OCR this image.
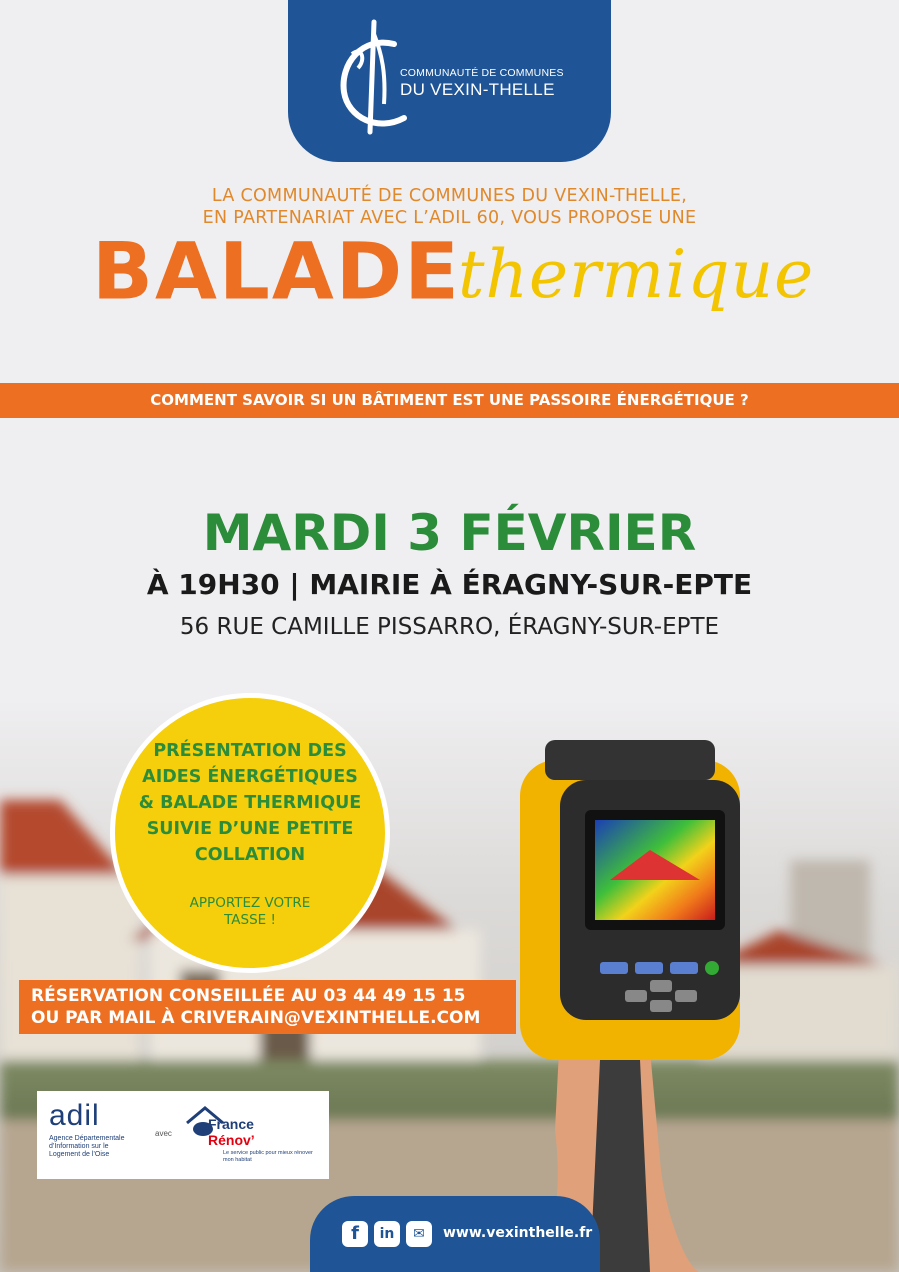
COMMUNAUTÉ DE COMMUNES
DU VEXIN-THELLE
LA COMMUNAUTÉ DE COMMUNES DU VEXIN-THELLE,
EN PARTENARIAT AVEC L’ADIL 60, VOUS PROPOSE UNE
BALADE
thermique
COMMENT SAVOIR SI UN BÂTIMENT EST UNE PASSOIRE ÉNERGÉTIQUE ?
MARDI 3 FÉVRIER
À 19H30 | MAIRIE À ÉRAGNY-SUR-EPTE
56 RUE CAMILLE PISSARRO, ÉRAGNY-SUR-EPTE
PRÉSENTATION DES
AIDES ÉNERGÉTIQUES
& BALADE THERMIQUE
SUIVIE D’UNE PETITE
COLLATION
APPORTEZ VOTRE
TASSE !
RÉSERVATION CONSEILLÉE AU 03 44 49 15 15
OU PAR MAIL À CRIVERAIN@VEXINTHELLE.COM
adil
Agence Départementale d’Information sur le Logement de l’Oise
avec
France
Rénov’
Le service public pour mieux rénover mon habitat
f	in	✉	www.vexinthelle.fr
